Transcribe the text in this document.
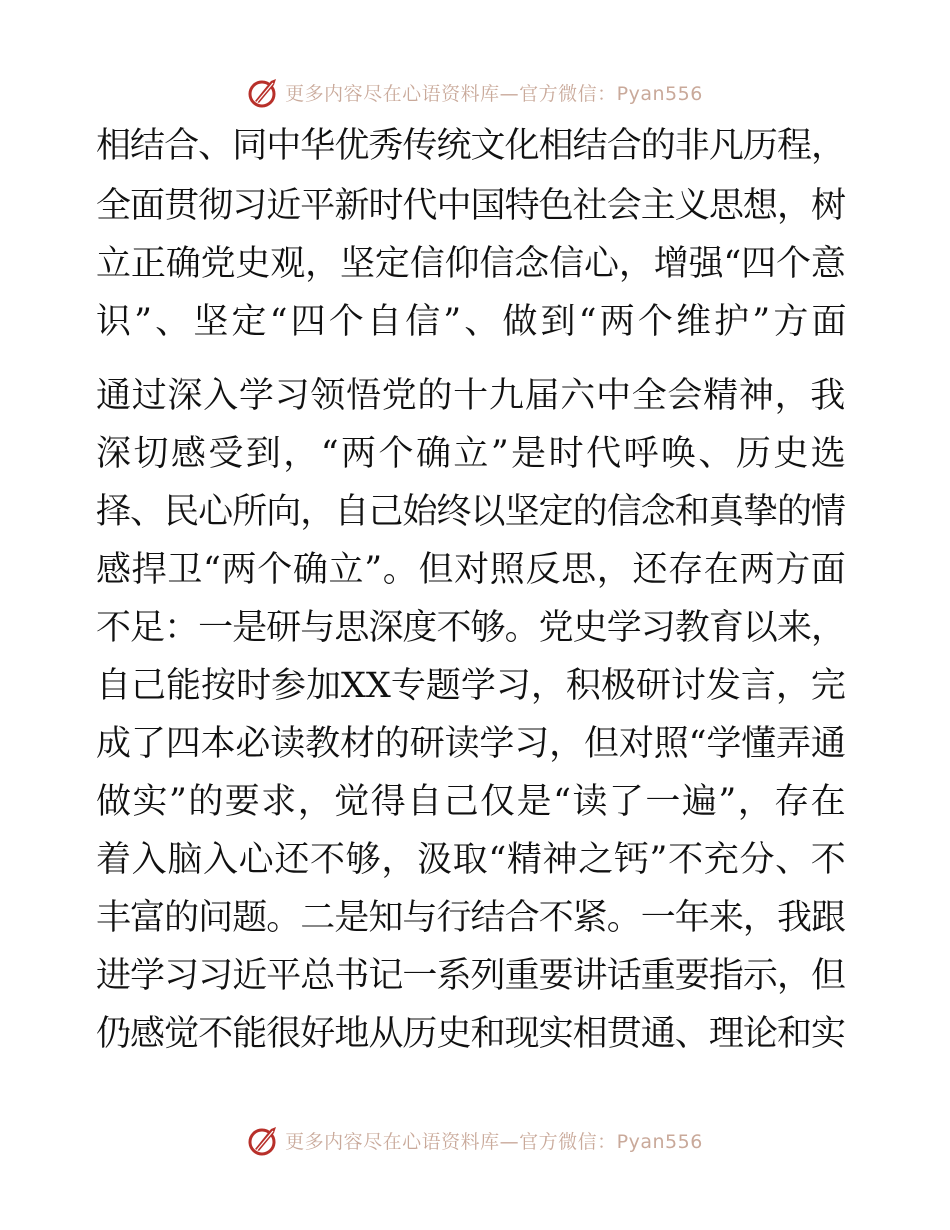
更多内容尽在心语资料库—官方微信：Pyan556
相结合、同中华优秀传统文化相结合的非凡历程，
全面贯彻习近平新时代中国特色社会主义思想，树
立正确党史观，坚定信仰信念信心，增强“四个意
识”、坚定“四个自信”、做到“两个维护”方面
通过深入学习领悟党的十九届六中全会精神，我
深切感受到，“两个确立”是时代呼唤、历史选
择、民心所向，自己始终以坚定的信念和真挚的情
感捍卫“两个确立”。但对照反思，还存在两方面
不足：一是研与思深度不够。党史学习教育以来，
自己能按时参加XX专题学习，积极研讨发言，完
成了四本必读教材的研读学习，但对照“学懂弄通
做实”的要求，觉得自己仅是“读了一遍”，存在
着入脑入心还不够，汲取“精神之钙”不充分、不
丰富的问题。二是知与行结合不紧。一年来，我跟
进学习习近平总书记一系列重要讲话重要指示，但
仍感觉不能很好地从历史和现实相贯通、理论和实
更多内容尽在心语资料库—官方微信：Pyan556
